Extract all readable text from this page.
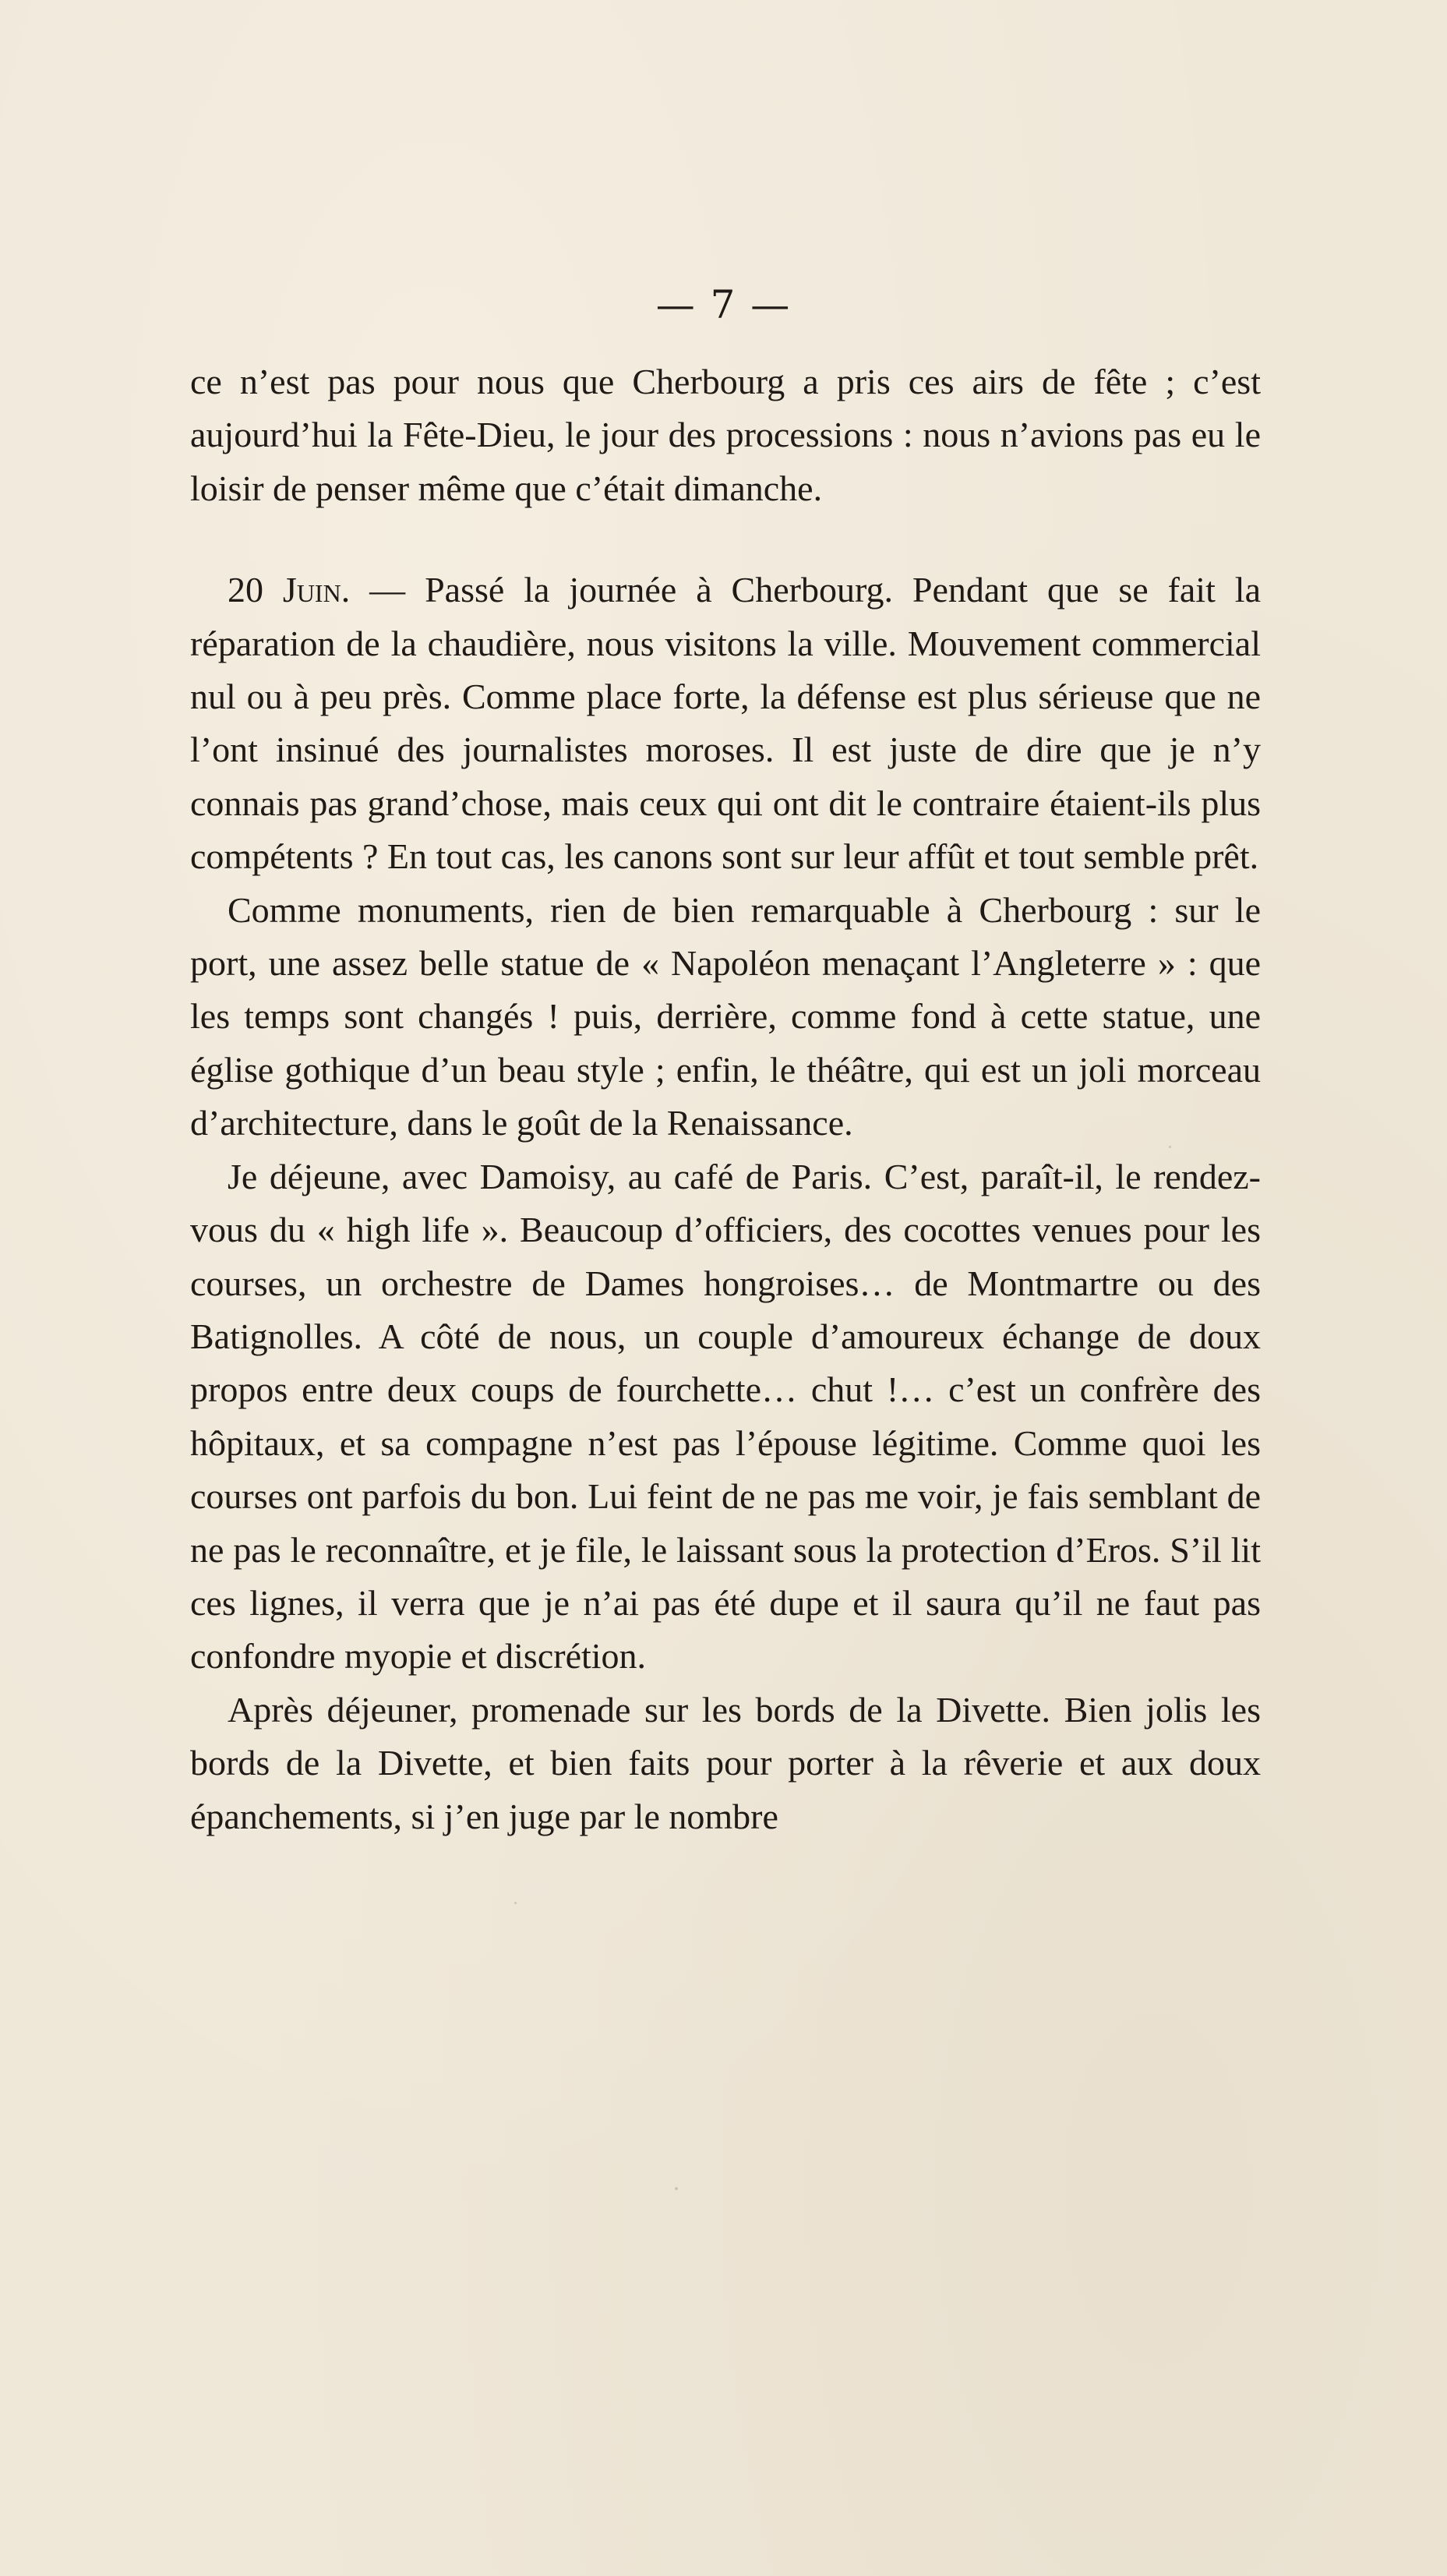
— 7 —

ce n’est pas pour nous que Cherbourg a pris ces airs de fête ; c’est aujourd’hui la Fête-Dieu, le jour des processions : nous n’avions pas eu le loisir de penser même que c’était dimanche.

20 Juin. — Passé la journée à Cherbourg. Pendant que se fait la réparation de la chaudière, nous visitons la ville. Mouvement commercial nul ou à peu près. Comme place forte, la défense est plus sérieuse que ne l’ont insinué des journalistes moroses. Il est juste de dire que je n’y connais pas grand’chose, mais ceux qui ont dit le contraire étaient-ils plus compétents ? En tout cas, les canons sont sur leur affût et tout semble prêt.

Comme monuments, rien de bien remarquable à Cherbourg : sur le port, une assez belle statue de « Napoléon menaçant l’Angleterre » : que les temps sont changés ! puis, derrière, comme fond à cette statue, une église gothique d’un beau style ; enfin, le théâtre, qui est un joli morceau d’architecture, dans le goût de la Renaissance.

Je déjeune, avec Damoisy, au café de Paris. C’est, paraît-il, le rendez-vous du « high life ». Beaucoup d’officiers, des cocottes venues pour les courses, un orchestre de Dames hongroises… de Montmartre ou des Batignolles. A côté de nous, un couple d’amoureux échange de doux propos entre deux coups de fourchette… chut !… c’est un confrère des hôpitaux, et sa compagne n’est pas l’épouse légitime. Comme quoi les courses ont parfois du bon. Lui feint de ne pas me voir, je fais semblant de ne pas le reconnaître, et je file, le laissant sous la protection d’Eros. S’il lit ces lignes, il verra que je n’ai pas été dupe et il saura qu’il ne faut pas confondre myopie et discrétion.

Après déjeuner, promenade sur les bords de la Divette. Bien jolis les bords de la Divette, et bien faits pour porter à la rêverie et aux doux épanchements, si j’en juge par le nombre
